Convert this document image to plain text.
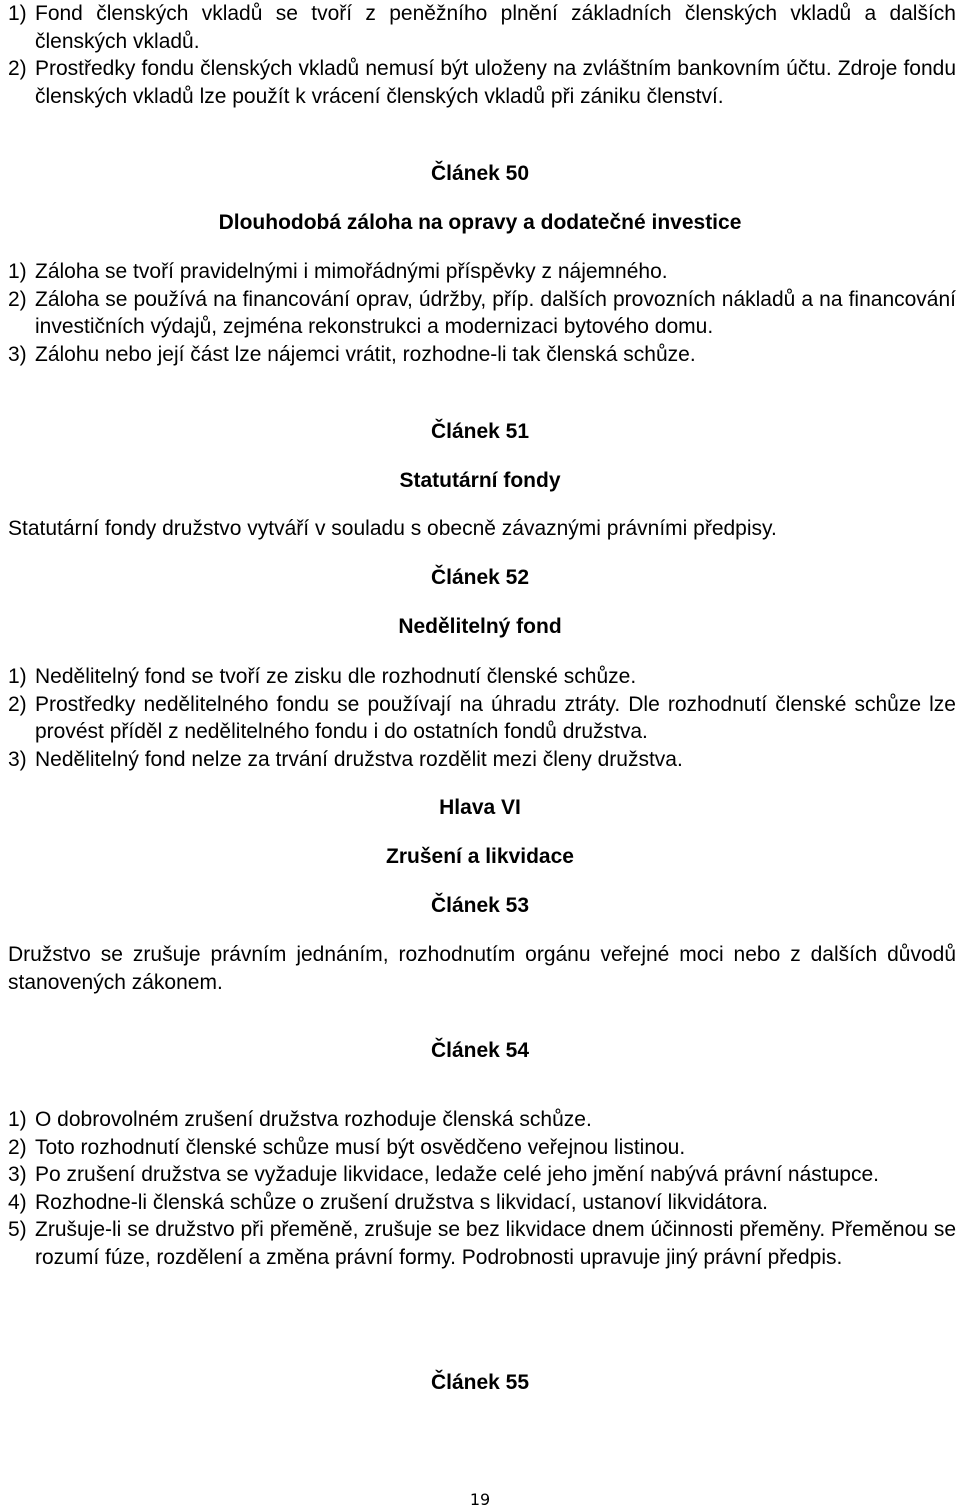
1) Fond členských vkladů se tvoří z peněžního plnění základních členských vkladů a dalších členských vkladů.
2) Prostředky fondu členských vkladů nemusí být uloženy na zvláštním bankovním účtu. Zdroje fondu členských vkladů lze použít k vrácení členských vkladů při zániku členství.
Článek 50
Dlouhodobá záloha na opravy a dodatečné investice
1) Záloha se tvoří pravidelnými i mimořádnými příspěvky z nájemného.
2) Záloha se používá na financování oprav, údržby, příp. dalších provozních nákladů a na financování investičních výdajů, zejména rekonstrukci a modernizaci bytového domu.
3) Zálohu nebo její část lze nájemci vrátit, rozhodne-li tak členská schůze.
Článek 51
Statutární fondy
Statutární fondy družstvo vytváří v souladu s obecně závaznými právními předpisy.
Článek 52
Nedělitelný fond
1) Nedělitelný fond se tvoří ze zisku dle rozhodnutí členské schůze.
2) Prostředky nedělitelného fondu se používají na úhradu ztráty. Dle rozhodnutí členské schůze lze provést příděl z nedělitelného fondu i do ostatních fondů družstva.
3) Nedělitelný fond nelze za trvání družstva rozdělit mezi členy družstva.
Hlava VI
Zrušení a likvidace
Článek 53
Družstvo se zrušuje právním jednáním, rozhodnutím orgánu veřejné moci nebo z dalších důvodů stanovených zákonem.
Článek 54
1) O dobrovolném zrušení družstva rozhoduje členská schůze.
2) Toto rozhodnutí členské schůze musí být osvědčeno veřejnou listinou.
3) Po zrušení družstva se vyžaduje likvidace, ledaže celé jeho jmění nabývá právní nástupce.
4) Rozhodne-li členská schůze o zrušení družstva s likvidací, ustanoví likvidátora.
5) Zrušuje-li se družstvo při přeměně, zrušuje se bez likvidace dnem účinnosti přeměny. Přeměnou se rozumí fúze, rozdělení a změna právní formy. Podrobnosti upravuje jiný právní předpis.
Článek 55
19
